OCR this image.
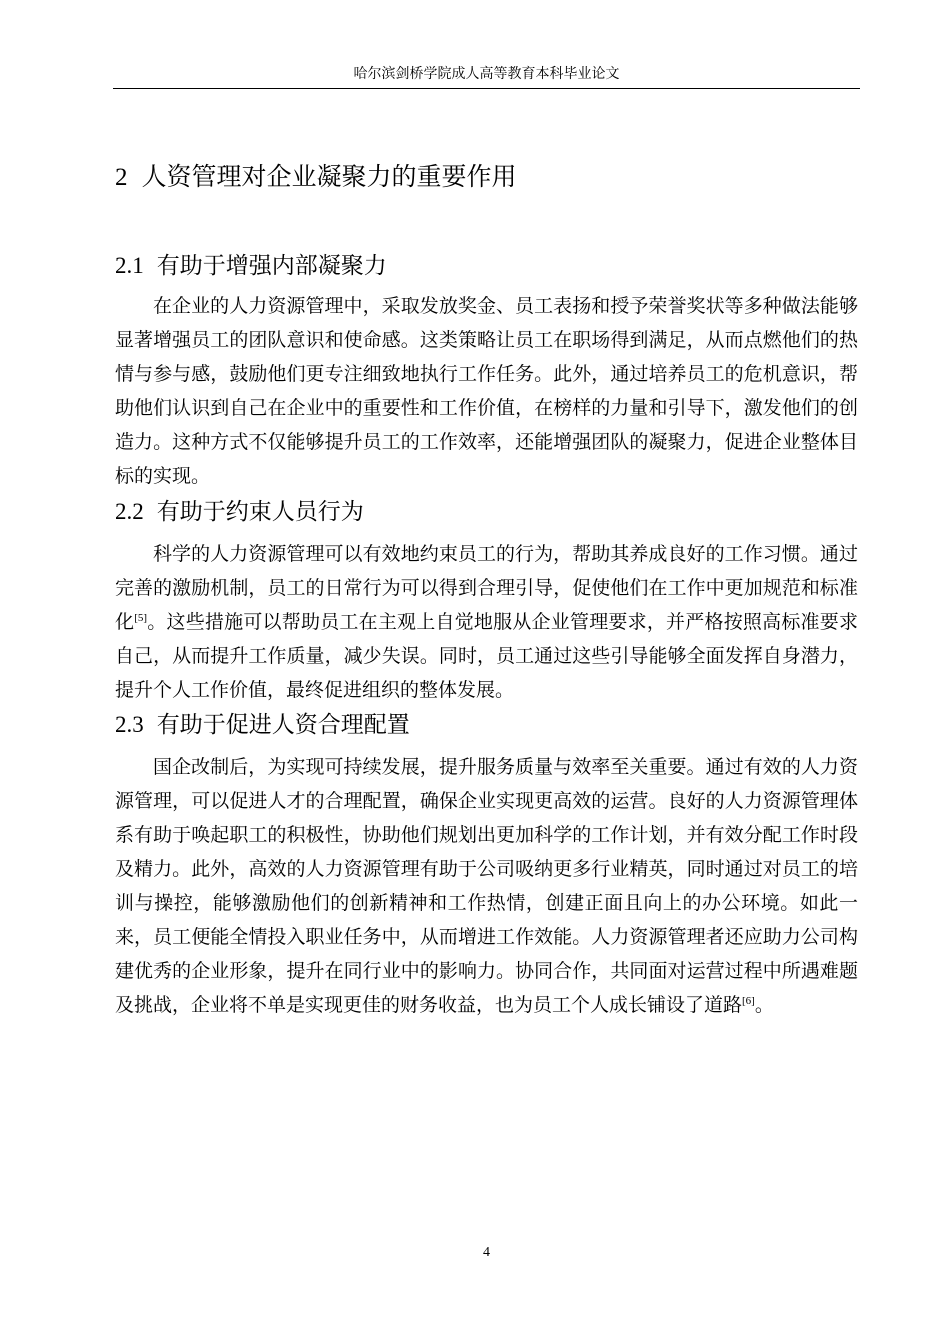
哈尔滨剑桥学院成人高等教育本科毕业论文
2 人资管理对企业凝聚力的重要作用
2.1 有助于增强内部凝聚力
在企业的人力资源管理中，采取发放奖金、员工表扬和授予荣誉奖状等多种做法能够显著增强员工的团队意识和使命感。这类策略让员工在职场得到满足，从而点燃他们的热情与参与感，鼓励他们更专注细致地执行工作任务。此外，通过培养员工的危机意识，帮助他们认识到自己在企业中的重要性和工作价值，在榜样的力量和引导下，激发他们的创造力。这种方式不仅能够提升员工的工作效率，还能增强团队的凝聚力，促进企业整体目标的实现。
2.2 有助于约束人员行为
科学的人力资源管理可以有效地约束员工的行为，帮助其养成良好的工作习惯。通过完善的激励机制，员工的日常行为可以得到合理引导，促使他们在工作中更加规范和标准化[5]。这些措施可以帮助员工在主观上自觉地服从企业管理要求，并严格按照高标准要求自己，从而提升工作质量，减少失误。同时，员工通过这些引导能够全面发挥自身潜力，提升个人工作价值，最终促进组织的整体发展。
2.3 有助于促进人资合理配置
国企改制后，为实现可持续发展，提升服务质量与效率至关重要。通过有效的人力资源管理，可以促进人才的合理配置，确保企业实现更高效的运营。良好的人力资源管理体系有助于唤起职工的积极性，协助他们规划出更加科学的工作计划，并有效分配工作时段及精力。此外，高效的人力资源管理有助于公司吸纳更多行业精英，同时通过对员工的培训与操控，能够激励他们的创新精神和工作热情，创建正面且向上的办公环境。如此一来，员工便能全情投入职业任务中，从而增进工作效能。人力资源管理者还应助力公司构建优秀的企业形象，提升在同行业中的影响力。协同合作，共同面对运营过程中所遇难题及挑战，企业将不单是实现更佳的财务收益，也为员工个人成长铺设了道路[6]。
4
